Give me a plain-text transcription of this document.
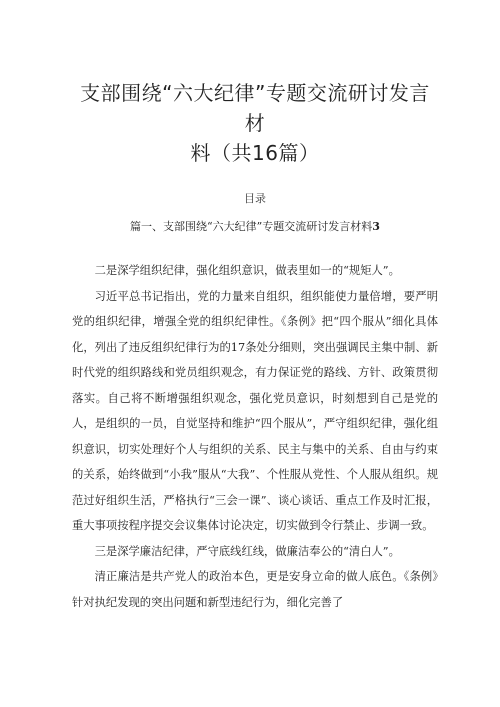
支部围绕“六大纪律”专题交流研讨发言材
料（共16篇）
目录
篇一、支部围绕“六大纪律”专题交流研讨发言材料3

二是深学组织纪律，强化组织意识，做表里如一的“规矩人”。

习近平总书记指出，党的力量来自组织，组织能使力量倍增，要严明党的组织纪律，增强全党的组织纪律性。《条例》把“四个服从”细化具体化，列出了违反组织纪律行为的17条处分细则，突出强调民主集中制、新时代党的组织路线和党员组织观念，有力保证党的路线、方针、政策贯彻落实。自己将不断增强组织观念，强化党员意识，时刻想到自己是党的人，是组织的一员，自觉坚持和维护“四个服从”，严守组织纪律，强化组织意识，切实处理好个人与组织的关系、民主与集中的关系、自由与约束的关系，始终做到“小我”服从“大我”、个性服从党性、个人服从组织。规范过好组织生活，严格执行“三会一课”、谈心谈话、重点工作及时汇报，重大事项按程序提交会议集体讨论决定，切实做到令行禁止、步调一致。

三是深学廉洁纪律，严守底线红线，做廉洁奉公的“清白人”。

清正廉洁是共产党人的政治本色，更是安身立命的做人底色。《条例》针对执纪发现的突出问题和新型违纪行为，细化完善了
